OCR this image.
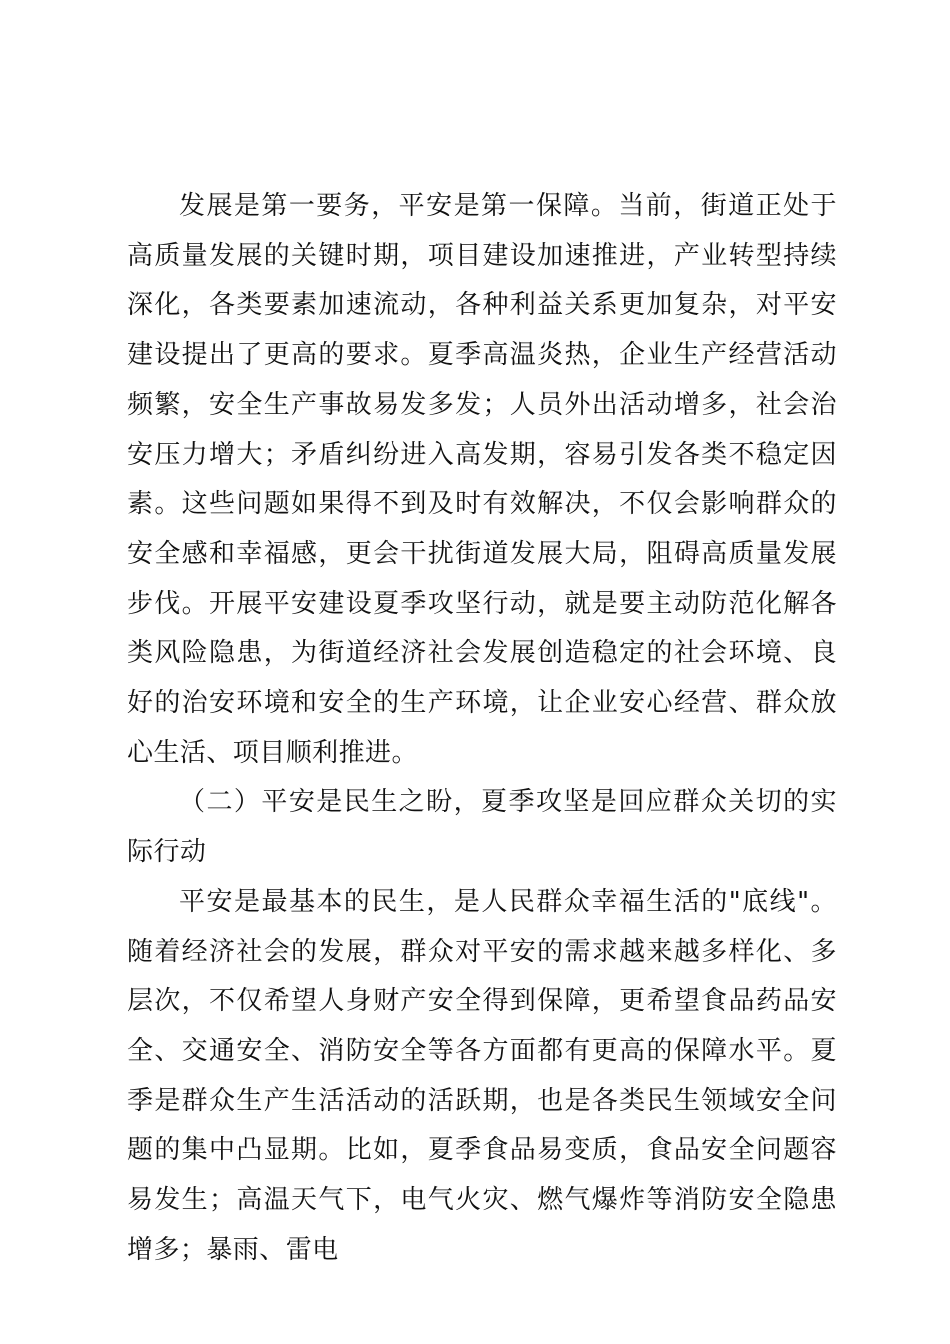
发展是第一要务，平安是第一保障。当前，街道正处于高质量发展的关键时期，项目建设加速推进，产业转型持续深化，各类要素加速流动，各种利益关系更加复杂，对平安建设提出了更高的要求。夏季高温炎热，企业生产经营活动频繁，安全生产事故易发多发；人员外出活动增多，社会治安压力增大；矛盾纠纷进入高发期，容易引发各类不稳定因素。这些问题如果得不到及时有效解决，不仅会影响群众的安全感和幸福感，更会干扰街道发展大局，阻碍高质量发展步伐。开展平安建设夏季攻坚行动，就是要主动防范化解各类风险隐患，为街道经济社会发展创造稳定的社会环境、良好的治安环境和安全的生产环境，让企业安心经营、群众放心生活、项目顺利推进。

（二）平安是民生之盼，夏季攻坚是回应群众关切的实际行动

平安是最基本的民生，是人民群众幸福生活的"底线"。随着经济社会的发展，群众对平安的需求越来越多样化、多层次，不仅希望人身财产安全得到保障，更希望食品药品安全、交通安全、消防安全等各方面都有更高的保障水平。夏季是群众生产生活活动的活跃期，也是各类民生领域安全问题的集中凸显期。比如，夏季食品易变质，食品安全问题容易发生；高温天气下，电气火灾、燃气爆炸等消防安全隐患增多；暴雨、雷电
